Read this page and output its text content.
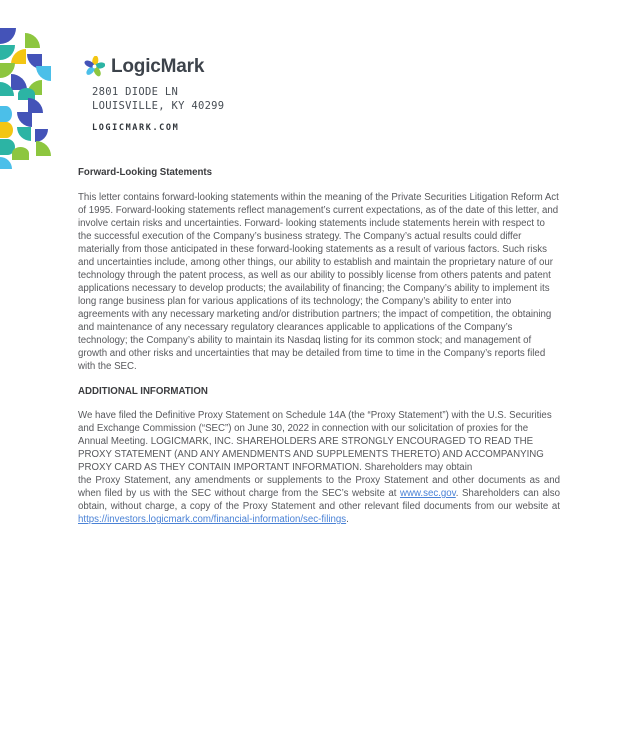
LogicMark
2801 DIODE LN
LOUISVILLE, KY 40299
LOGICMARK.COM
Forward-Looking Statements

This letter contains forward-looking statements within the meaning of the Private Securities Litigation Reform Act of 1995. Forward-looking statements reflect management’s current expectations, as of the date of this letter, and involve certain risks and uncertainties. Forward- looking statements include statements herein with respect to the successful execution of the Company’s business strategy. The Company’s actual results could differ materially from those anticipated in these forward-looking statements as a result of various factors. Such risks and uncertainties include, among other things, our ability to establish and maintain the proprietary nature of our technology through the patent process, as well as our ability to possibly license from others patents and patent applications necessary to develop products; the availability of financing; the Company’s ability to implement its long range business plan for various applications of its technology; the Company’s ability to enter into agreements with any necessary marketing and/or distribution partners; the impact of competition, the obtaining and maintenance of any necessary regulatory clearances applicable to applications of the Company’s technology; the Company’s ability to maintain its Nasdaq listing for its common stock; and management of growth and other risks and uncertainties that may be detailed from time to time in the Company’s reports filed with the SEC.

ADDITIONAL INFORMATION

We have filed the Definitive Proxy Statement on Schedule 14A (the “Proxy Statement”) with the U.S. Securities and Exchange Commission (“SEC”) on June 30, 2022 in connection with our solicitation of proxies for the Annual Meeting. LOGICMARK, INC. SHAREHOLDERS ARE STRONGLY ENCOURAGED TO READ THE PROXY STATEMENT (AND ANY AMENDMENTS AND SUPPLEMENTS THERETO) AND ACCOMPANYING PROXY CARD AS THEY CONTAIN IMPORTANT INFORMATION. Shareholders may obtain

the Proxy Statement, any amendments or supplements to the Proxy Statement and other documents as and when filed by us with the SEC without charge from the SEC’s website at www.sec.gov. Shareholders can also obtain, without charge, a copy of the Proxy Statement and other relevant filed documents from our website at https://investors.logicmark.com/financial-information/sec-filings.
